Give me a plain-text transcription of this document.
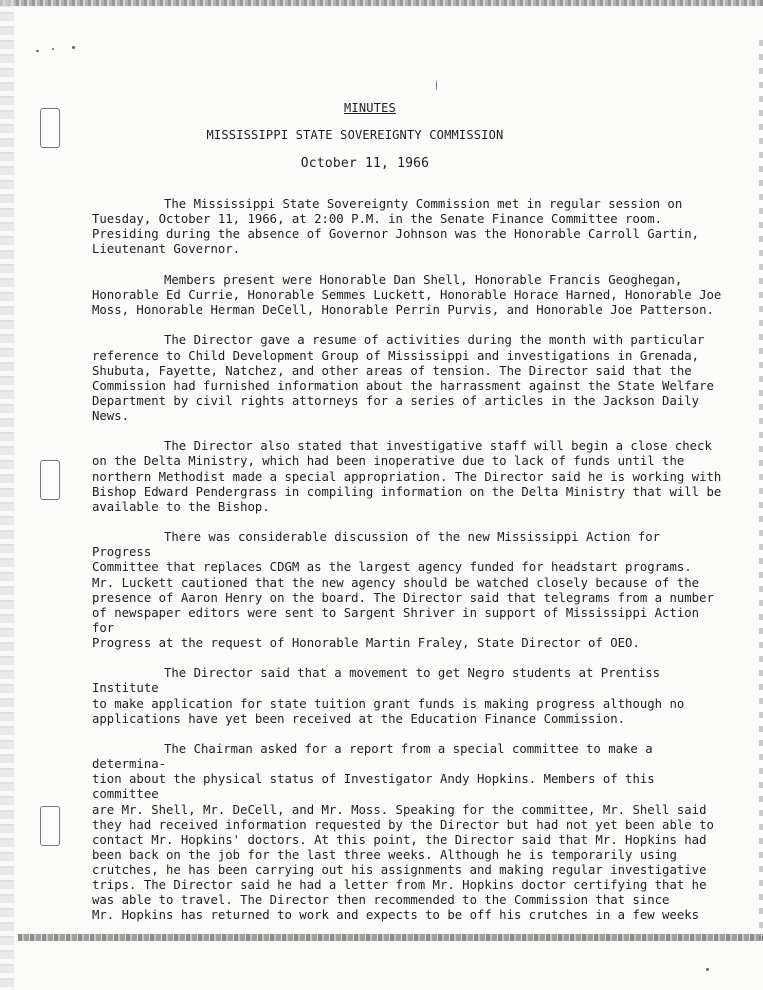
MINUTES
MISSISSIPPI STATE SOVEREIGNTY COMMISSION
October 11, 1966

The Mississippi State Sovereignty Commission met in regular session on
Tuesday, October 11, 1966, at 2:00 P.M. in the Senate Finance Committee room.
Presiding during the absence of Governor Johnson was the Honorable Carroll Gartin,
Lieutenant Governor.

Members present were Honorable Dan Shell, Honorable Francis Geoghegan,
Honorable Ed Currie, Honorable Semmes Luckett, Honorable Horace Harned, Honorable Joe
Moss, Honorable Herman DeCell, Honorable Perrin Purvis, and Honorable Joe Patterson.

The Director gave a resume of activities during the month with particular
reference to Child Development Group of Mississippi and investigations in Grenada,
Shubuta, Fayette, Natchez, and other areas of tension. The Director said that the
Commission had furnished information about the harrassment against the State Welfare
Department by civil rights attorneys for a series of articles in the Jackson Daily
News.

The Director also stated that investigative staff will begin a close check
on the Delta Ministry, which had been inoperative due to lack of funds until the
northern Methodist made a special appropriation. The Director said he is working with
Bishop Edward Pendergrass in compiling information on the Delta Ministry that will be
available to the Bishop.

There was considerable discussion of the new Mississippi Action for Progress
Committee that replaces CDGM as the largest agency funded for headstart programs.
Mr. Luckett cautioned that the new agency should be watched closely because of the
presence of Aaron Henry on the board. The Director said that telegrams from a number
of newspaper editors were sent to Sargent Shriver in support of Mississippi Action for
Progress at the request of Honorable Martin Fraley, State Director of OEO.

The Director said that a movement to get Negro students at Prentiss Institute
to make application for state tuition grant funds is making progress although no
applications have yet been received at the Education Finance Commission.

The Chairman asked for a report from a special committee to make a determina-
tion about the physical status of Investigator Andy Hopkins. Members of this committee
are Mr. Shell, Mr. DeCell, and Mr. Moss. Speaking for the committee, Mr. Shell said
they had received information requested by the Director but had not yet been able to
contact Mr. Hopkins' doctors. At this point, the Director said that Mr. Hopkins had
been back on the job for the last three weeks. Although he is temporarily using
crutches, he has been carrying out his assignments and making regular investigative
trips. The Director said he had a letter from Mr. Hopkins doctor certifying that he
was able to travel. The Director then recommended to the Commission that since
Mr. Hopkins has returned to work and expects to be off his crutches in a few weeks
